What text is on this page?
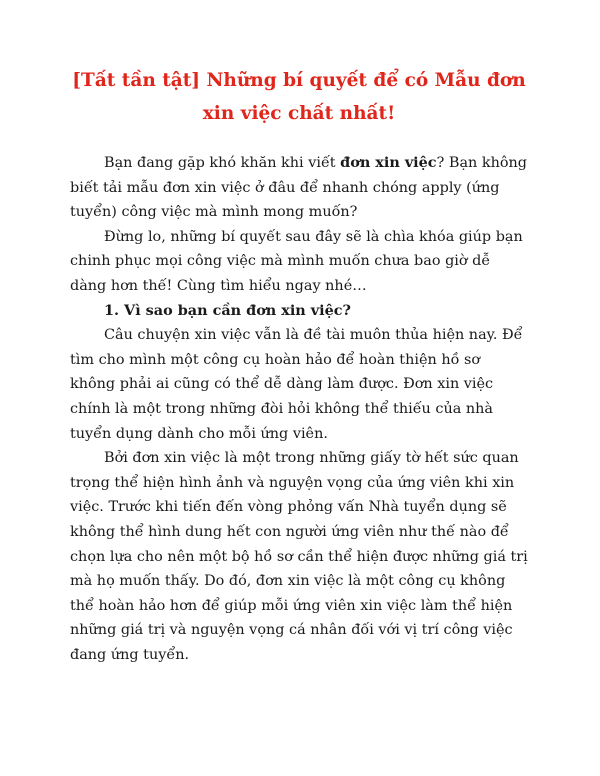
[Tất tần tật] Những bí quyết để có Mẫu đơn xin việc chất nhất!

Bạn đang gặp khó khăn khi viết đơn xin việc? Bạn không biết tải mẫu đơn xin việc ở đâu để nhanh chóng apply (ứng tuyển) công việc mà mình mong muốn?

Đừng lo, những bí quyết sau đây sẽ là chìa khóa giúp bạn chinh phục mọi công việc mà mình muốn chưa bao giờ dễ dàng hơn thế! Cùng tìm hiểu ngay nhé…

1. Vì sao bạn cần đơn xin việc?

Câu chuyện xin việc vẫn là đề tài muôn thủa hiện nay. Để tìm cho mình một công cụ hoàn hảo để hoàn thiện hồ sơ không phải ai cũng có thể dễ dàng làm được. Đơn xin việc chính là một trong những đòi hỏi không thể thiếu của nhà tuyển dụng dành cho mỗi ứng viên.

Bởi đơn xin việc là một trong những giấy tờ hết sức quan trọng thể hiện hình ảnh và nguyện vọng của ứng viên khi xin việc. Trước khi tiến đến vòng phỏng vấn Nhà tuyển dụng sẽ không thể hình dung hết con người ứng viên như thế nào để chọn lựa cho nên một bộ hồ sơ cần thể hiện được những giá trị mà họ muốn thấy. Do đó, đơn xin việc là một công cụ không thể hoàn hảo hơn để giúp mỗi ứng viên xin việc làm thể hiện những giá trị và nguyện vọng cá nhân đối với vị trí công việc đang ứng tuyển.
